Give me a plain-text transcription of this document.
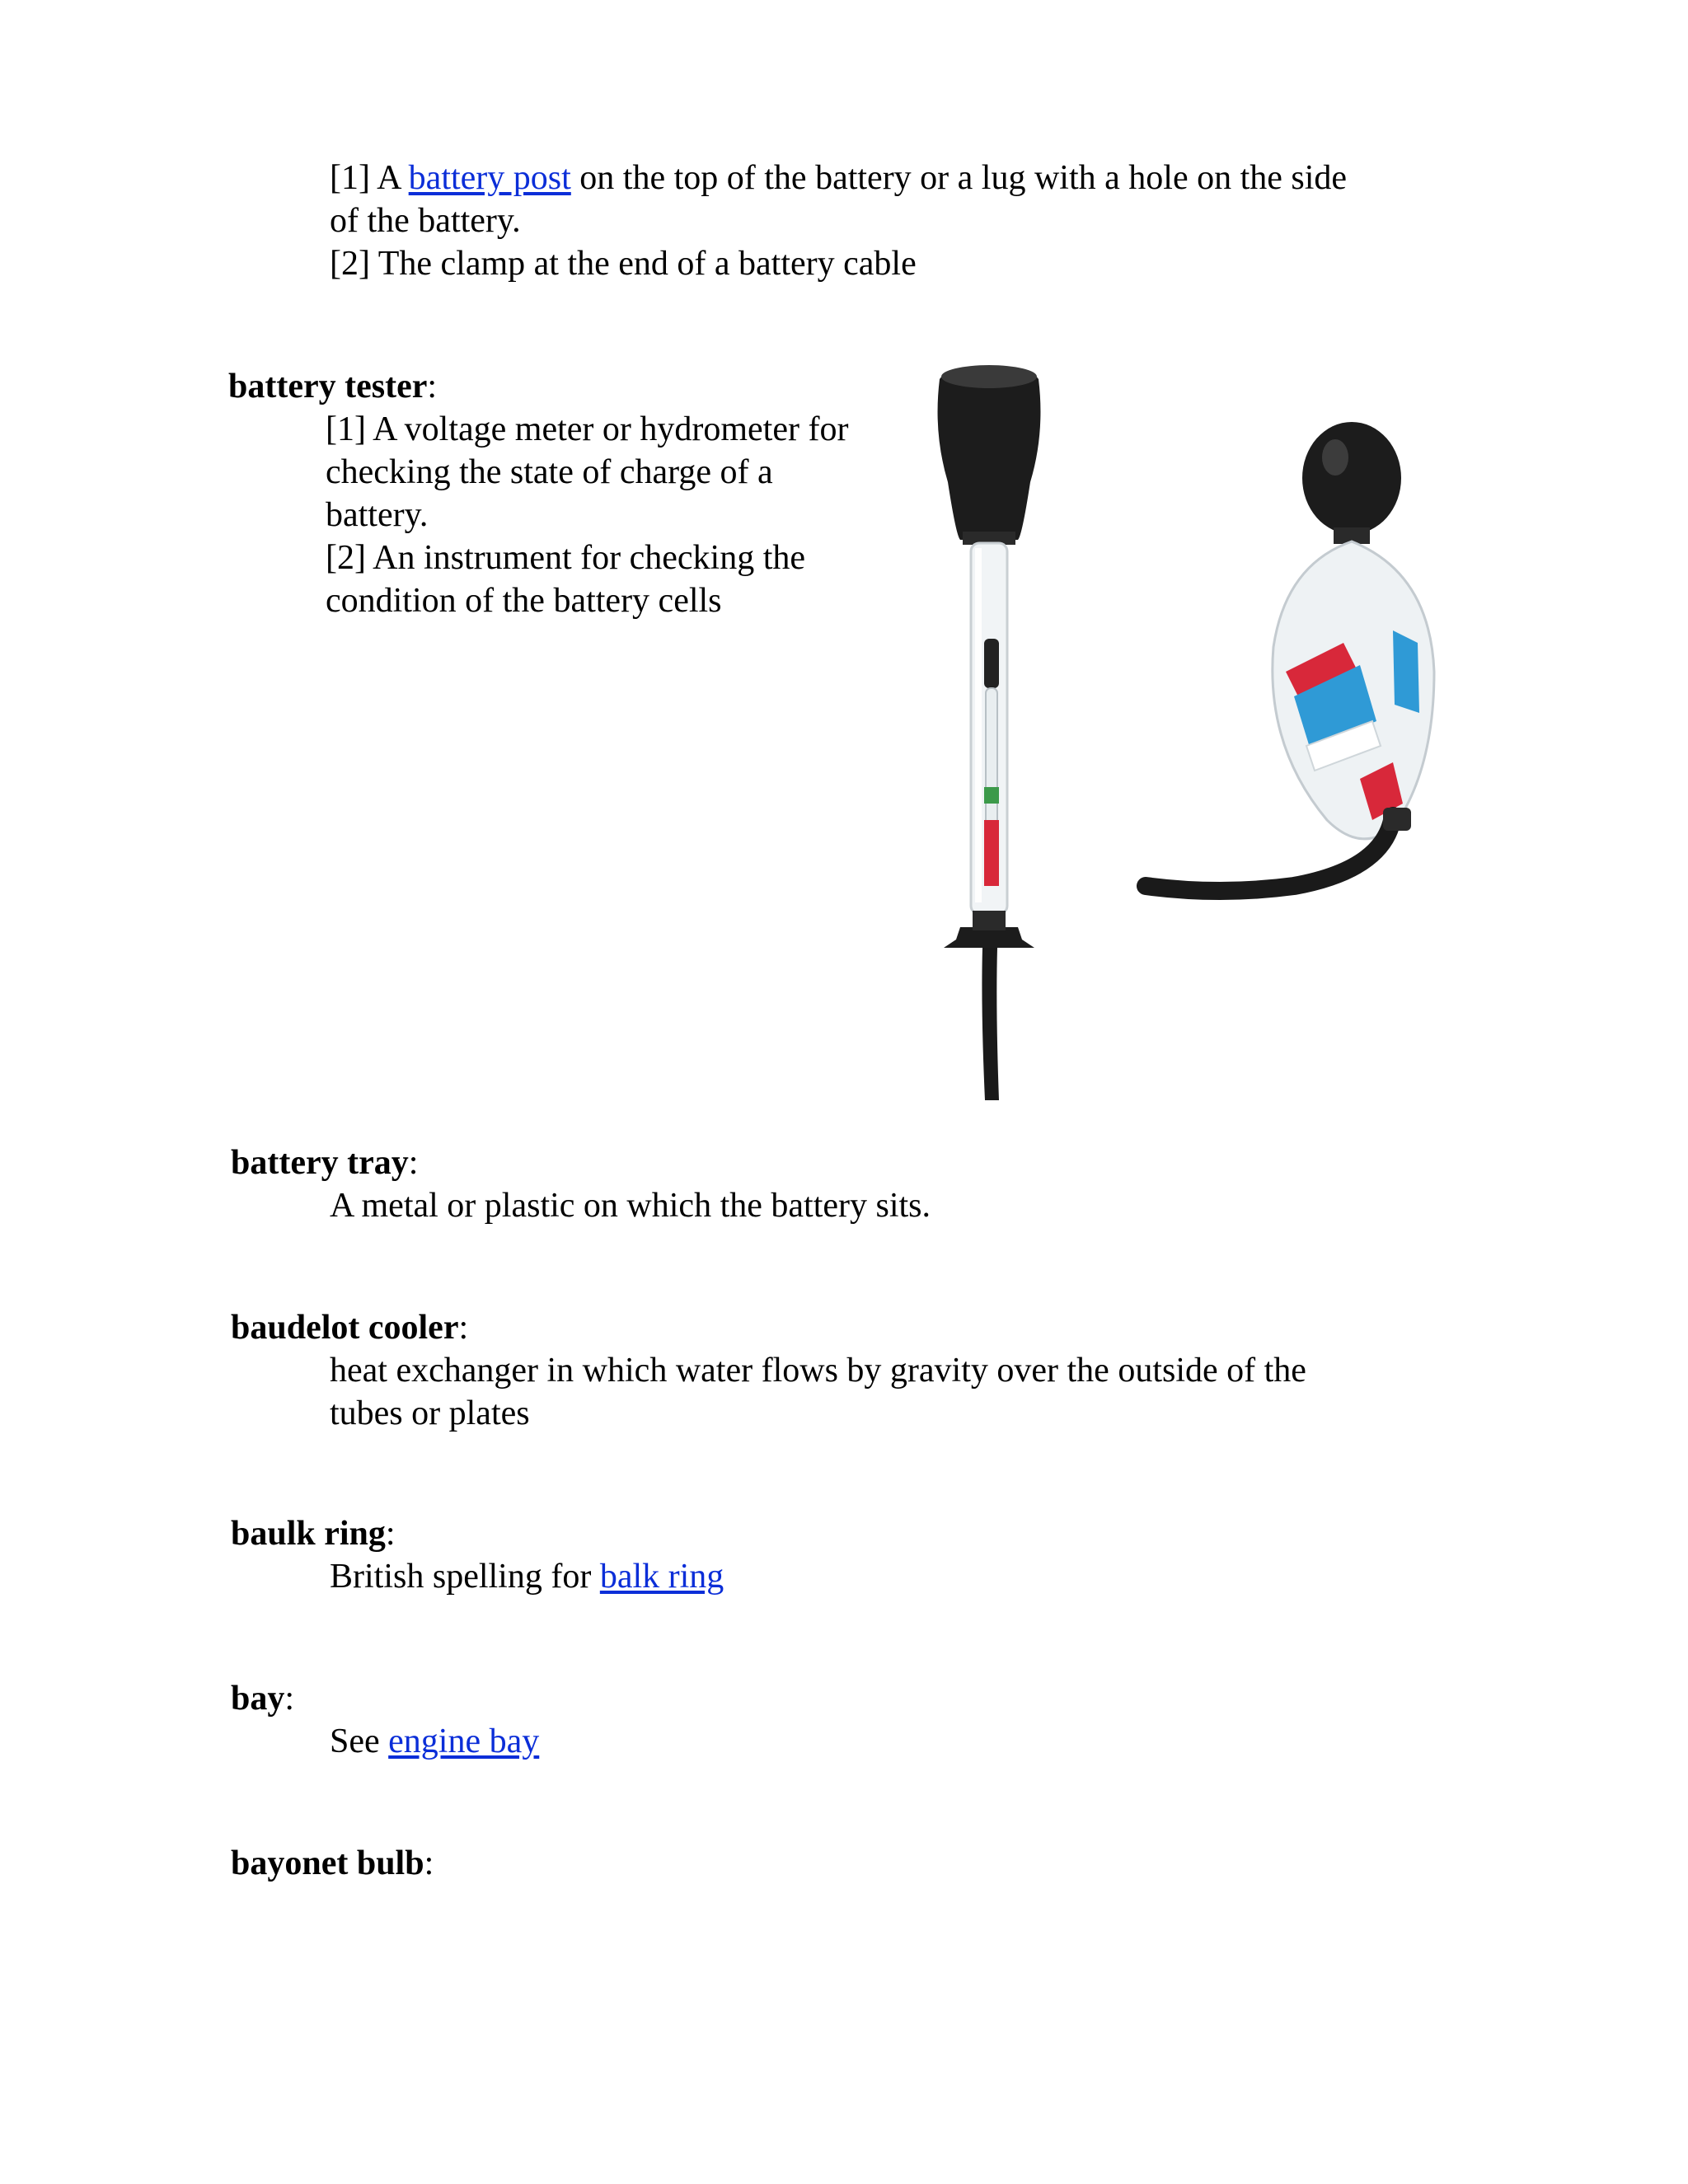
[1] A battery post on the top of the battery or a lug with a hole on the side
of the battery.
[2] The clamp at the end of a battery cable
battery tester:
[1] A voltage meter or hydrometer for
checking the state of charge of a
battery.
[2] An instrument for checking the
condition of the battery cells
battery tray:
A metal or plastic on which the battery sits.
baudelot cooler:
heat exchanger in which water flows by gravity over the outside of the
tubes or plates
baulk ring:
British spelling for balk ring
bay:
See engine bay
bayonet bulb:
